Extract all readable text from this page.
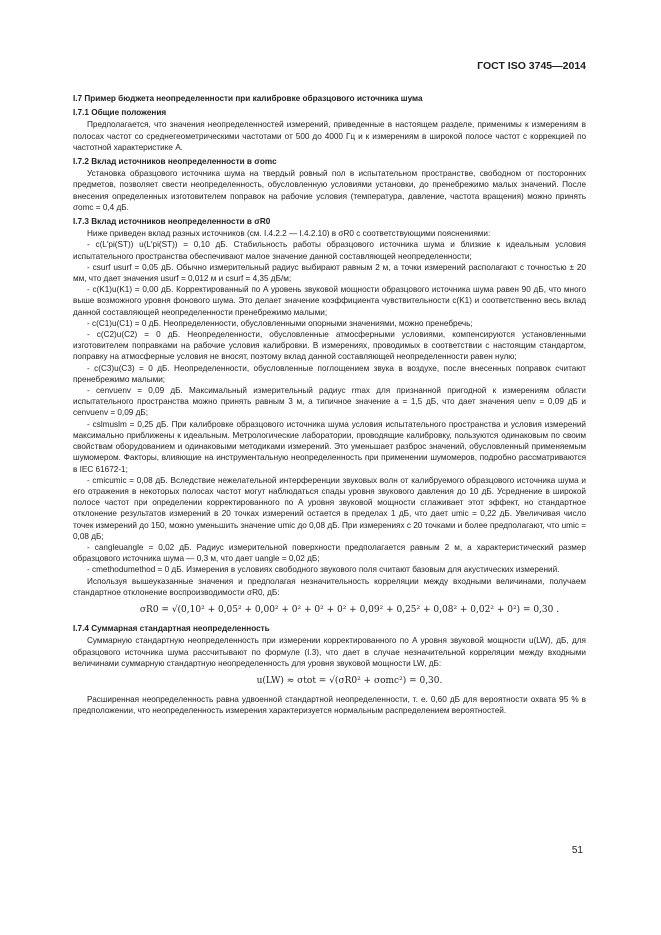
ГОСТ ISO 3745—2014
I.7 Пример бюджета неопределенности при калибровке образцового источника шума
I.7.1 Общие положения

Предполагается, что значения неопределенностей измерений, приведенные в настоящем разделе, применимы к измерениям в полосах частот со среднегеометрическими частотами от 500 до 4000 Гц и к измерениям в широкой полосе частот с коррекцией по частотной характеристике A.

I.7.2 Вклад источников неопределенности в σomc

Установка образцового источника шума на твердый ровный пол в испытательном пространстве, свободном от посторонних предметов, позволяет свести неопределенность, обусловленную условиями установки, до пренебрежимо малых значений. После внесения определенных изготовителем поправок на рабочие условия (температура, давление, частота вращения) можно принять σomc = 0,4 дБ.

I.7.3 Вклад источников неопределенности в σR0

Ниже приведен вклад разных источников (см. I.4.2.2 — I.4.2.10) в σR0 с соответствующими пояснениями:

- c(L′pi(ST)) u(L′pi(ST)) = 0,10 дБ. Стабильность работы образцового источника шума и близкие к идеальным условия испытательного пространства обеспечивают малое значение данной составляющей неопределенности;

- csurf usurf = 0,05 дБ. Обычно измерительный радиус выбирают равным 2 м, а точки измерений располагают с точностью ± 20 мм, что дает значения usurf = 0,012 м и csurf = 4,35 дБ/м;

- c(K1)u(K1) = 0,00 дБ. Корректированный по A уровень звуковой мощности образцового источника шума равен 90 дБ, что много выше возможного уровня фонового шума. Это делает значение коэффициента чувствительности c(K1) и соответственно весь вклад данной составляющей неопределенности пренебрежимо малыми;

- c(C1)u(C1) = 0 дБ. Неопределенности, обусловленными опорными значениями, можно пренебречь;

- c(C2)u(C2) = 0 дБ. Неопределенности, обусловленные атмосферными условиями, компенсируются установленными изготовителем поправками на рабочие условия калибровки. В измерениях, проводимых в соответствии с настоящим стандартом, поправку на атмосферные условия не вносят, поэтому вклад данной составляющей неопределенности равен нулю;

- c(C3)u(C3) = 0 дБ. Неопределенности, обусловленные поглощением звука в воздухе, после внесенных поправок считают пренебрежимо малыми;

- cenvuenv = 0,09 дБ. Максимальный измерительный радиус rmax для признанной пригодной к измерениям области испытательного пространства можно принять равным 3 м, а типичное значение a = 1,5 дБ, что дает значения uenv = 0,09 дБ и cenvuenv = 0,09 дБ;

- cslmuslm = 0,25 дБ. При калибровке образцового источника шума условия испытательного пространства и условия измерений максимально приближены к идеальным. Метрологические лаборатории, проводящие калибровку, пользуются одинаковым по своим свойствам оборудованием и одинаковыми методиками измерений. Это уменьшает разброс значений, обусловленный применяемым шумомером. Факторы, влияющие на инструментальную неопределенность при применении шумомеров, подробно рассматриваются в IEC 61672-1;

- cmicumic = 0,08 дБ. Вследствие нежелательной интерференции звуковых волн от калибруемого образцового источника шума и его отражения в некоторых полосах частот могут наблюдаться спады уровня звукового давления до 10 дБ. Усреднение в широкой полосе частот при определении корректированного по A уровня звуковой мощности сглаживает этот эффект, но стандартное отклонение результатов измерений в 20 точках измерений остается в пределах 1 дБ, что дает umic = 0,22 дБ. Увеличивая число точек измерений до 150, можно уменьшить значение umic до 0,08 дБ. При измерениях с 20 точками и более предполагают, что umic = 0,08 дБ;

- cangleuangle = 0,02 дБ. Радиус измерительной поверхности предполагается равным 2 м, а характеристический размер образцового источника шума — 0,3 м, что дает uangle = 0,02 дБ;

- cmethodumethod = 0 дБ. Измерения в условиях свободного звукового поля считают базовым для акустических измерений.

Используя вышеуказанные значения и предполагая незначительность корреляции между входными величинами, получаем стандартное отклонение воспроизводимости σR0, дБ:

σR0 = √(0,10² + 0,05² + 0,00² + 0² + 0² + 0² + 0,09² + 0,25² + 0,08² + 0,02² + 0²) = 0,30 .
I.7.4 Суммарная стандартная неопределенность

Суммарную стандартную неопределенность при измерении корректированного по A уровня звуковой мощности u(LW), дБ, для образцового источника шума рассчитывают по формуле (I.3), что дает в случае незначительной корреляции между входными величинами суммарную стандартную неопределенность для уровня звуковой мощности LW, дБ:

u(LW) ≈ σtot = √(σR0² + σomc²) = 0,30.

Расширенная неопределенность равна удвоенной стандартной неопределенности, т. е. 0,60 дБ для вероятности охвата 95 % в предположении, что неопределенность измерения характеризуется нормальным распределением вероятностей.

51
